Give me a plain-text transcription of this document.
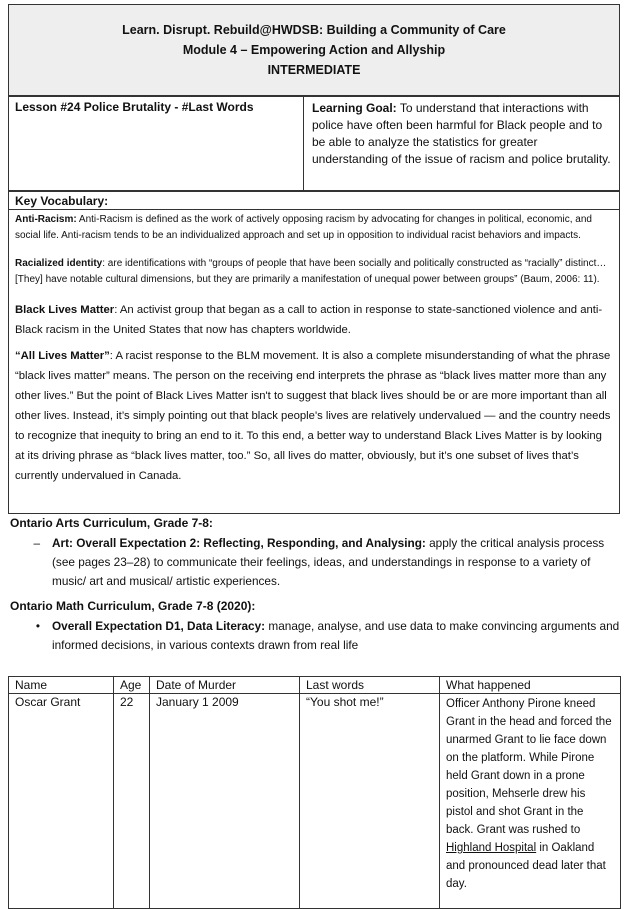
Learn. Disrupt. Rebuild@HWDSB: Building a Community of Care
Module 4 – Empowering Action and Allyship
INTERMEDIATE
Lesson #24 Police Brutality - #Last Words	Learning Goal: To understand that interactions with police have often been harmful for Black people and to be able to analyze the statistics for greater understanding of the issue of racism and police brutality.
Key Vocabulary:

Anti-Racism: Anti-Racism is defined as the work of actively opposing racism by advocating for changes in political, economic, and social life. Anti-racism tends to be an individualized approach and set up in opposition to individual racist behaviors and impacts.

Racialized identity: are identifications with “groups of people that have been socially and politically constructed as “racially” distinct… [They] have notable cultural dimensions, but they are primarily a manifestation of unequal power between groups” (Baum, 2006: 11).

Black Lives Matter: An activist group that began as a call to action in response to state-sanctioned violence and anti-Black racism in the United States that now has chapters worldwide.

“All Lives Matter”: A racist response to the BLM movement. It is also a complete misunderstanding of what the phrase “black lives matter” means. The person on the receiving end interprets the phrase as “black lives matter more than any other lives.” But the point of Black Lives Matter isn't to suggest that black lives should be or are more important than all other lives. Instead, it’s simply pointing out that black people's lives are relatively undervalued — and the country needs to recognize that inequity to bring an end to it. To this end, a better way to understand Black Lives Matter is by looking at its driving phrase as “black lives matter, too.” So, all lives do matter, obviously, but it’s one subset of lives that’s currently undervalued in Canada.

Ontario Arts Curriculum, Grade 7-8:
–	Art: Overall Expectation 2: Reflecting, Responding, and Analysing: apply the critical analysis process (see pages 23–28) to communicate their feelings, ideas, and understandings in response to a variety of music/ art and musical/ artistic experiences.
Ontario Math Curriculum, Grade 7-8 (2020):
•	Overall Expectation D1, Data Literacy: manage, analyse, and use data to make convincing arguments and informed decisions, in various contexts drawn from real life
Name	Age	Date of Murder	Last words	What happened
Oscar Grant	22	January 1 2009	“You shot me!”	Officer Anthony Pirone kneed Grant in the head and forced the unarmed Grant to lie face down on the platform. While Pirone held Grant down in a prone position, Mehserle drew his pistol and shot Grant in the back. Grant was rushed to Highland Hospital in Oakland and pronounced dead later that day.
